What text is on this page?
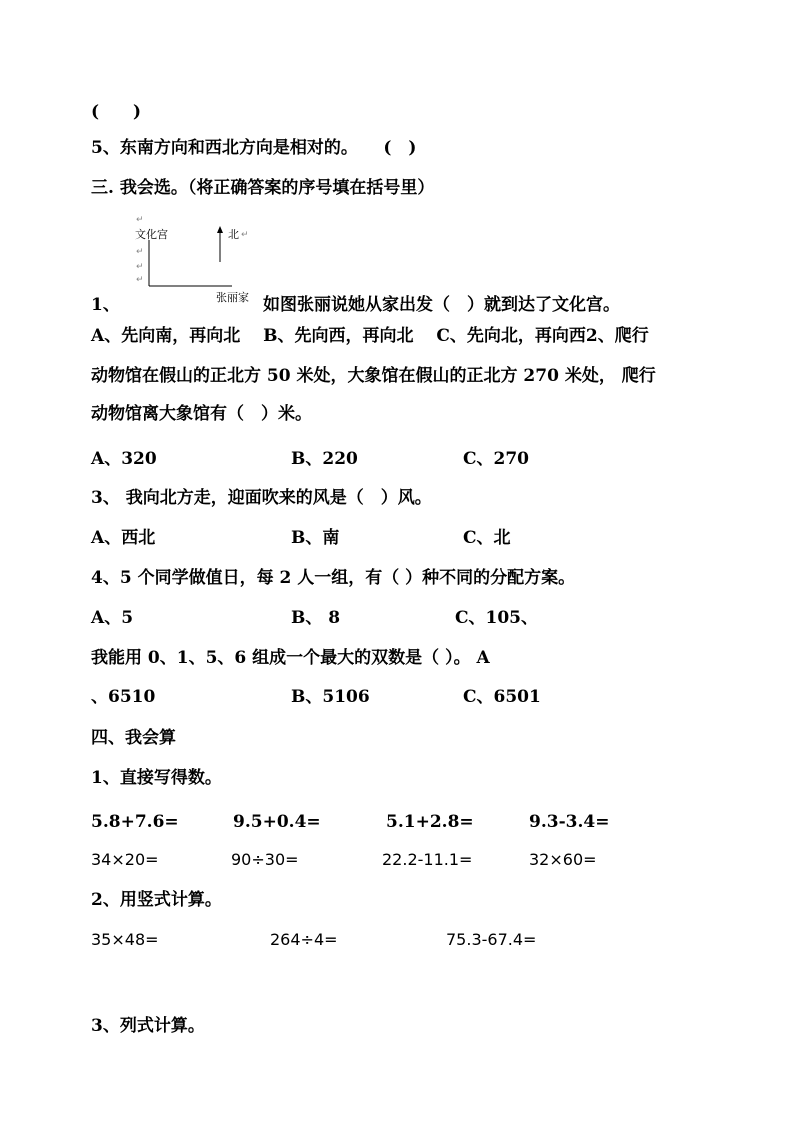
(　　)
5、东南方向和西北方向是相对的。　　(　)
三. 我会选。（将正确答案的序号填在括号里）
↵
文化宫	北 ↵
↵
↵
↵
张丽家
1、	如图张丽说她从家出发（　）就到达了文化宫。
A、先向南，再向北　 B、先向西，再向北　 C、先向北，再向西2、爬行
动物馆在假山的正北方 50 米处，大象馆在假山的正北方 270 米处， 爬行
动物馆离大象馆有（　）米。
A、320	B、220	C、270
3、 我向北方走，迎面吹来的风是（　）风。
A、西北	B、南	C、北
4、5 个同学做值日，每 2 人一组，有（ ）种不同的分配方案。
A、5	B、 8	C、105、
我能用 0、1、5、6 组成一个最大的双数是（ ）。 A
、6510	B、5106	C、6501
四、我会算
1、直接写得数。
5.8+7.6=	9.5+0.4=	5.1+2.8=	9.3-3.4=
34×20=	90÷30=	22.2-11.1=	32×60=
2、用竖式计算。
35×48=	264÷4=	75.3-67.4=
3、列式计算。
